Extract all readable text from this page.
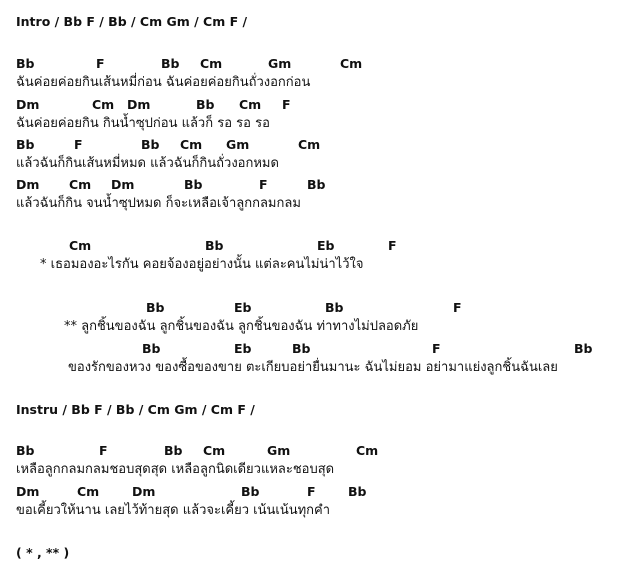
Intro / Bb F / Bb / Cm Gm / Cm F /
Bb	F	Bb Cm	Gm	Cm
ฉันค่อยค่อยกินเส้นหมี่ก่อน ฉันค่อยค่อยกินถั่วงอกก่อน
Dm	Cm Dm	Bb Cm F
ฉันค่อยค่อยกิน กินน้ำซุปก่อน แล้วก็ รอ รอ รอ
Bb	F	Bb Cm Gm	Cm
แล้วฉันก็กินเส้นหมี่หมด แล้วฉันก็กินถั่วงอกหมด
Dm Cm Dm	Bb	F	Bb
แล้วฉันก็กิน จนน้ำซุปหมด ก็จะเหลือเจ้าลูกกลมกลม
Cm	Bb	Eb	F
* เธอมองอะไรกัน คอยจ้องอยู่อย่างนั้น แต่ละคนไม่น่าไว้ใจ
Bb	Eb	Bb	F
** ลูกชิ้นของฉัน ลูกชิ้นของฉัน ลูกชิ้นของฉัน ท่าทางไม่ปลอดภัย
Bb	Eb	Bb	F	Bb
ของรักของหวง ของซื้อของขาย ตะเกียบอย่ายื่นมานะ ฉันไม่ยอม อย่ามาแย่งลูกชิ้นฉันเลย
Instru / Bb F / Bb / Cm Gm / Cm F /
Bb	F	Bb Cm	Gm	Cm
เหลือลูกกลมกลมชอบสุดสุด เหลือลูกนิดเดียวแหละชอบสุด
Dm	Cm	Dm	Bb	F	Bb
ขอเคี้ยวให้นาน เลยไว้ท้ายสุด แล้วจะเคี้ยว เน้นเน้นทุกคำ
( * , ** )
